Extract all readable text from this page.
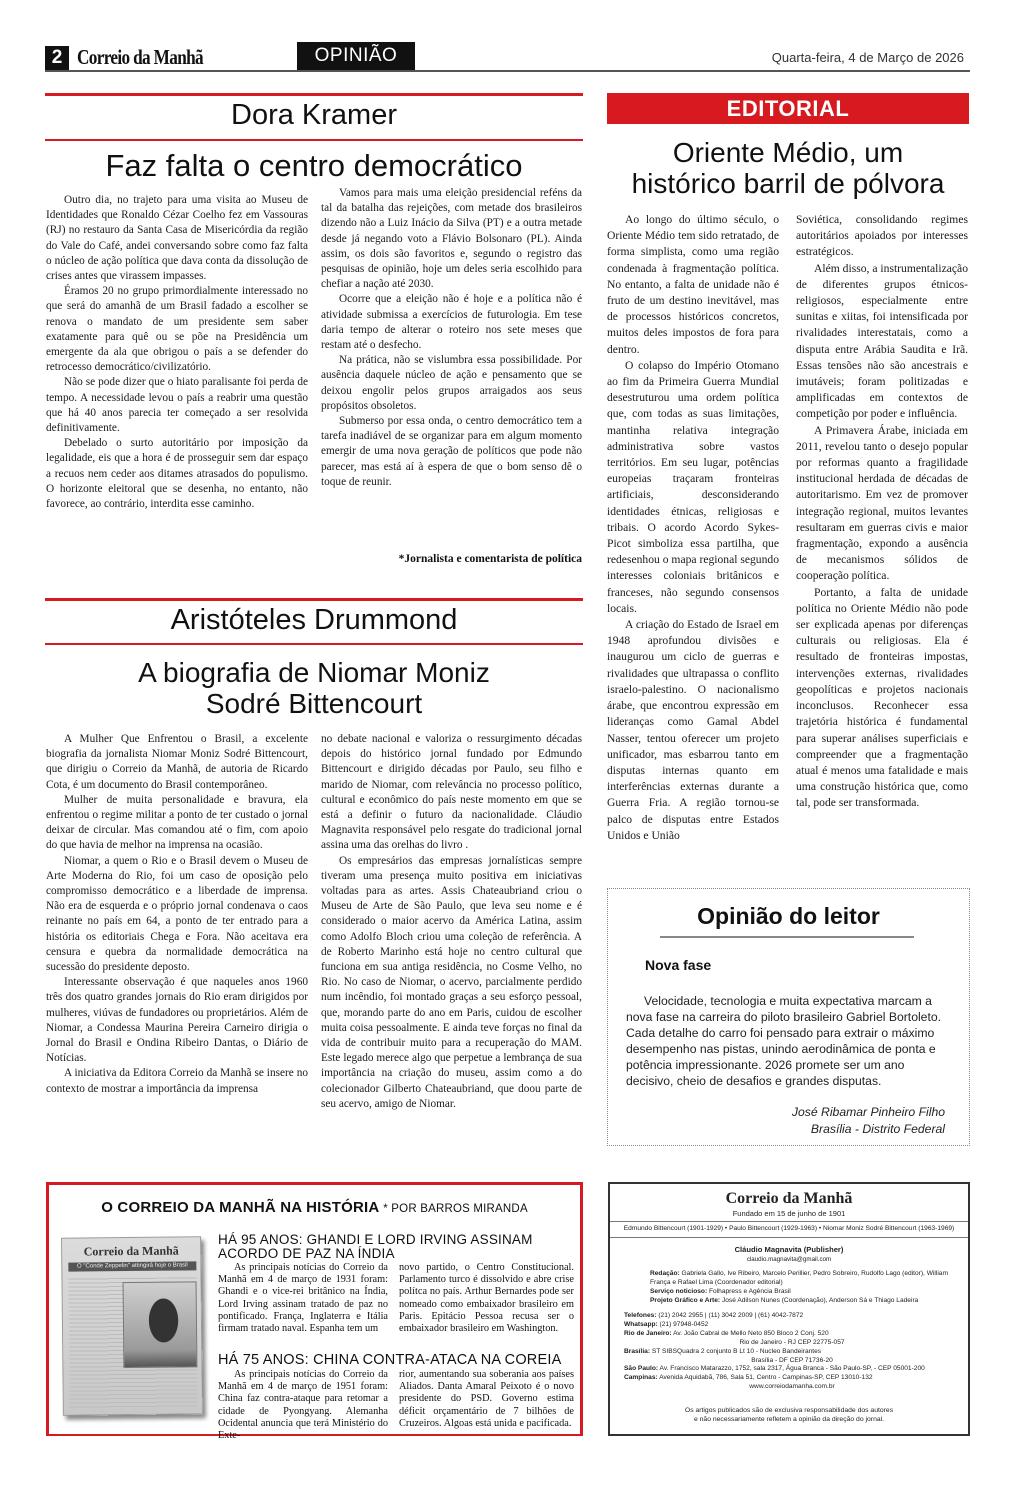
2 Correio da Manhã	OPINIÃO	Quarta-feira, 4 de Março de 2026
Dora Kramer
Faz falta o centro democrático

Outro dia, no trajeto para uma visita ao Museu de Identidades que Ronaldo Cézar Coelho fez em Vassouras (RJ) no restauro da Santa Casa de Misericórdia da região do Vale do Café, andei conversando sobre como faz falta o núcleo de ação política que dava conta da dissolução de crises antes que virassem impasses.

Éramos 20 no grupo primordialmente interessado no que será do amanhã de um Brasil fadado a escolher se renova o mandato de um presidente sem saber exatamente para quê ou se põe na Presidência um emergente da ala que obrigou o país a se defender do retrocesso democrático/civilizatório.

Não se pode dizer que o hiato paralisante foi perda de tempo. A necessidade levou o país a reabrir uma questão que há 40 anos parecia ter começado a ser resolvida definitivamente.

Debelado o surto autoritário por imposição da legalidade, eis que a hora é de prosseguir sem dar espaço a recuos nem ceder aos ditames atrasados do populismo. O horizonte eleitoral que se desenha, no entanto, não favorece, ao contrário, interdita esse caminho.

Vamos para mais uma eleição presidencial reféns da tal da batalha das rejeições, com metade dos brasileiros dizendo não a Luiz Inácio da Silva (PT) e a outra metade desde já negando voto a Flávio Bolsonaro (PL). Ainda assim, os dois são favoritos e, segundo o registro das pesquisas de opinião, hoje um deles seria escolhido para chefiar a nação até 2030.

Ocorre que a eleição não é hoje e a política não é atividade submissa a exercícios de futurologia. Em tese daria tempo de alterar o roteiro nos sete meses que restam até o desfecho.

Na prática, não se vislumbra essa possibilidade. Por ausência daquele núcleo de ação e pensamento que se deixou engolir pelos grupos arraigados aos seus propósitos obsoletos.

Submerso por essa onda, o centro democrático tem a tarefa inadiável de se organizar para em algum momento emergir de uma nova geração de políticos que pode não parecer, mas está aí à espera de que o bom senso dê o toque de reunir.

*Jornalista e comentarista de política
Aristóteles Drummond
A biografia de Niomar Moniz
Sodré Bittencourt

A Mulher Que Enfrentou o Brasil, a excelente biografia da jornalista Niomar Moniz Sodré Bittencourt, que dirigiu o Correio da Manhã, de autoria de Ricardo Cota, é um documento do Brasil contemporâneo.

Mulher de muita personalidade e bravura, ela enfrentou o regime militar a ponto de ter custado o jornal deixar de circular. Mas comandou até o fim, com apoio do que havia de melhor na imprensa na ocasião.

Niomar, a quem o Rio e o Brasil devem o Museu de Arte Moderna do Rio, foi um caso de oposição pelo compromisso democrático e a liberdade de imprensa. Não era de esquerda e o próprio jornal condenava o caos reinante no país em 64, a ponto de ter entrado para a história os editoriais Chega e Fora. Não aceitava era censura e quebra da normalidade democrática na sucessão do presidente deposto.

Interessante observação é que naqueles anos 1960 três dos quatro grandes jornais do Rio eram dirigidos por mulheres, viúvas de fundadores ou proprietários. Além de Niomar, a Condessa Maurina Pereira Carneiro dirigia o Jornal do Brasil e Ondina Ribeiro Dantas, o Diário de Notícias.

A iniciativa da Editora Correio da Manhã se insere no contexto de mostrar a importância da imprensa

no debate nacional e valoriza o ressurgimento décadas depois do histórico jornal fundado por Edmundo Bittencourt e dirigido décadas por Paulo, seu filho e marido de Niomar, com relevância no processo político, cultural e econômico do país neste momento em que se está a definir o futuro da nacionalidade. Cláudio Magnavita responsável pelo resgate do tradicional jornal assina uma das orelhas do livro .

Os empresários das empresas jornalísticas sempre tiveram uma presença muito positiva em iniciativas voltadas para as artes. Assis Chateaubriand criou o Museu de Arte de São Paulo, que leva seu nome e é considerado o maior acervo da América Latina, assim como Adolfo Bloch criou uma coleção de referência. A de Roberto Marinho está hoje no centro cultural que funciona em sua antiga residência, no Cosme Velho, no Rio. No caso de Niomar, o acervo, parcialmente perdido num incêndio, foi montado graças a seu esforço pessoal, que, morando parte do ano em Paris, cuidou de escolher muita coisa pessoalmente. E ainda teve forças no final da vida de contribuir muito para a recuperação do MAM. Este legado merece algo que perpetue a lembrança de sua importância na criação do museu, assim como a do colecionador Gilberto Chateaubriand, que doou parte de seu acervo, amigo de Niomar.

EDITORIAL
Oriente Médio, um
histórico barril de pólvora

Ao longo do último século, o Oriente Médio tem sido retratado, de forma simplista, como uma região condenada à fragmentação política. No entanto, a falta de unidade não é fruto de um destino inevitável, mas de processos históricos concretos, muitos deles impostos de fora para dentro.

O colapso do Império Otomano ao fim da Primeira Guerra Mundial desestruturou uma ordem política que, com todas as suas limitações, mantinha relativa integração administrativa sobre vastos territórios. Em seu lugar, potências europeias traçaram fronteiras artificiais, desconsiderando identidades étnicas, religiosas e tribais. O acordo Acordo Sykes-Picot simboliza essa partilha, que redesenhou o mapa regional segundo interesses coloniais britânicos e franceses, não segundo consensos locais.

A criação do Estado de Israel em 1948 aprofundou divisões e inaugurou um ciclo de guerras e rivalidades que ultrapassa o conflito israelo-palestino. O nacionalismo árabe, que encontrou expressão em lideranças como Gamal Abdel Nasser, tentou oferecer um projeto unificador, mas esbarrou tanto em disputas internas quanto em interferências externas durante a Guerra Fria. A região tornou-se palco de disputas entre Estados Unidos e União

Soviética, consolidando regimes autoritários apoiados por interesses estratégicos.

Além disso, a instrumentalização de diferentes grupos étnicos-religiosos, especialmente entre sunitas e xiitas, foi intensificada por rivalidades interestatais, como a disputa entre Arábia Saudita e Irã. Essas tensões não são ancestrais e imutáveis; foram politizadas e amplificadas em contextos de competição por poder e influência.

A Primavera Árabe, iniciada em 2011, revelou tanto o desejo popular por reformas quanto a fragilidade institucional herdada de décadas de autoritarismo. Em vez de promover integração regional, muitos levantes resultaram em guerras civis e maior fragmentação, expondo a ausência de mecanismos sólidos de cooperação política.

Portanto, a falta de unidade política no Oriente Médio não pode ser explicada apenas por diferenças culturais ou religiosas. Ela é resultado de fronteiras impostas, intervenções externas, rivalidades geopolíticas e projetos nacionais inconclusos. Reconhecer essa trajetória histórica é fundamental para superar análises superficiais e compreender que a fragmentação atual é menos uma fatalidade e mais uma construção histórica que, como tal, pode ser transformada.

Opinião do leitor
Nova fase

Velocidade, tecnologia e muita expectativa marcam a nova fase na carreira do piloto brasileiro Gabriel Bortoleto. Cada detalhe do carro foi pensado para extrair o máximo desempenho nas pistas, unindo aerodinâmica de ponta e potência impressionante. 2026 promete ser um ano decisivo, cheio de desafios e grandes disputas.

José Ribamar Pinheiro Filho
Brasília - Distrito Federal
O CORREIO DA MANHÃ NA HISTÓRIA * POR BARROS MIRANDA
Correio da Manhã
O "Conde Zeppelin" attingirá hoje o Brasil
HÁ 95 ANOS: GHANDI E LORD IRVING ASSINAM
ACORDO DE PAZ NA ÍNDIA

As principais notícias do Correio da Manhã em 4 de março de 1931 foram: Ghandi e o vice-rei britânico na Índia, Lord Irving assinam tratado de paz no pontificado. França, Inglaterra e Itália firmam tratado naval. Espanha tem um

novo partido, o Centro Constitucional. Parlamento turco é dissolvido e abre crise polítca no país. Arthur Bernardes pode ser nomeado como embaixador brasileiro em Paris. Epitácio Pessoa recusa ser o embaixador brasileiro em Washington.

HÁ 75 ANOS: CHINA CONTRA-ATACA NA COREIA

As principais notícias do Correio da Manhã em 4 de março de 1951 foram: China faz contra-ataque para retomar a cidade de Pyongyang. Alemanha Ocidental anuncia que terá Ministério do Exte-

rior, aumentando sua soberania aos países Aliados. Danta Amaral Peixoto é o novo presidente do PSD. Governo estima déficit orçamentário de 7 bilhões de Cruzeiros. Algoas está unida e pacificada.

Correio da Manhã
Fundado em 15 de junho de 1901
Edmundo Bittencourt (1901-1929) • Paulo Bittencourt (1929-1963) • Niomar Moniz Sodré Bittencourt (1963-1969)
Cláudio Magnavita (Publisher)
claudio.magnavita@gmail.com
Redação: Gabriela Gallo, Ive Ribeiro, Marcelo Perillier, Pedro Sobreiro, Rudolfo Lago (editor), William França e Rafael Lima (Coordenador editorial)
Serviço noticioso: Folhapress e Agência Brasil
Projeto Gráfico e Arte: José Adilson Nunes (Coordenação), Anderson Sá e Thiago Ladeira
Telefones: (21) 2042 2955 | (11) 3042 2009 | (61) 4042-7872
Whatsapp: (21) 97948-0452
Rio de Janeiro: Av. João Cabral de Mello Neto 850 Bloco 2 Conj. 520
Rio de Janeiro - RJ CEP 22775-057
Brasília: ST SIBSQuadra 2 conjunto B Lt 10 - Nucleo Bandeirantes
Brasília - DF CEP 71736-20
São Paulo: Av. Francisco Matarazzo, 1752, sala 2317, Água Branca - São Paulo-SP, - CEP 05001-200
Campinas: Avenida Aquidabã, 786, Sala 51, Centro - Campinas-SP, CEP 13010-132
www.correiodamanha.com.br
Os artigos publicados são de exclusiva responsabilidade dos autores
e não necessariamente refletem a opinião da direção do jornal.
